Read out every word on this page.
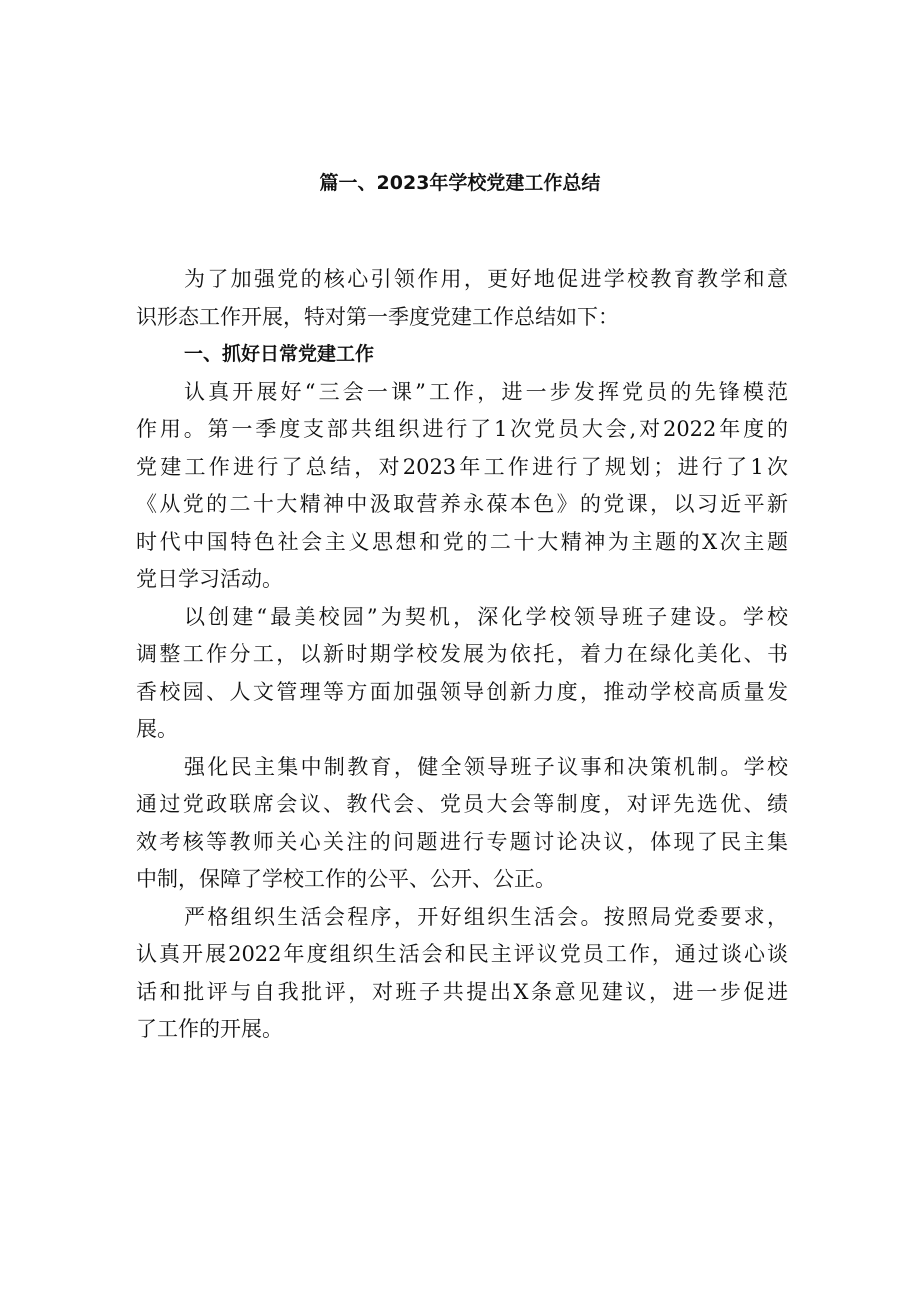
篇一、2023年学校党建工作总结
为了加强党的核心引领作用，更好地促进学校教育教学和意
识形态工作开展，特对第一季度党建工作总结如下：
一、抓好日常党建工作
认真开展好“三会一课”工作，进一步发挥党员的先锋模范
作用。第一季度支部共组织进行了1次党员大会,对2022年度的
党建工作进行了总结，对2023年工作进行了规划；进行了1次
《从党的二十大精神中汲取营养永葆本色》的党课，以习近平新
时代中国特色社会主义思想和党的二十大精神为主题的X次主题
党日学习活动。
以创建“最美校园”为契机，深化学校领导班子建设。学校
调整工作分工，以新时期学校发展为依托，着力在绿化美化、书
香校园、人文管理等方面加强领导创新力度，推动学校高质量发
展。
强化民主集中制教育，健全领导班子议事和决策机制。学校
通过党政联席会议、教代会、党员大会等制度，对评先选优、绩
效考核等教师关心关注的问题进行专题讨论决议，体现了民主集
中制，保障了学校工作的公平、公开、公正。
严格组织生活会程序，开好组织生活会。按照局党委要求，
认真开展2022年度组织生活会和民主评议党员工作，通过谈心谈
话和批评与自我批评，对班子共提出X条意见建议，进一步促进
了工作的开展。
